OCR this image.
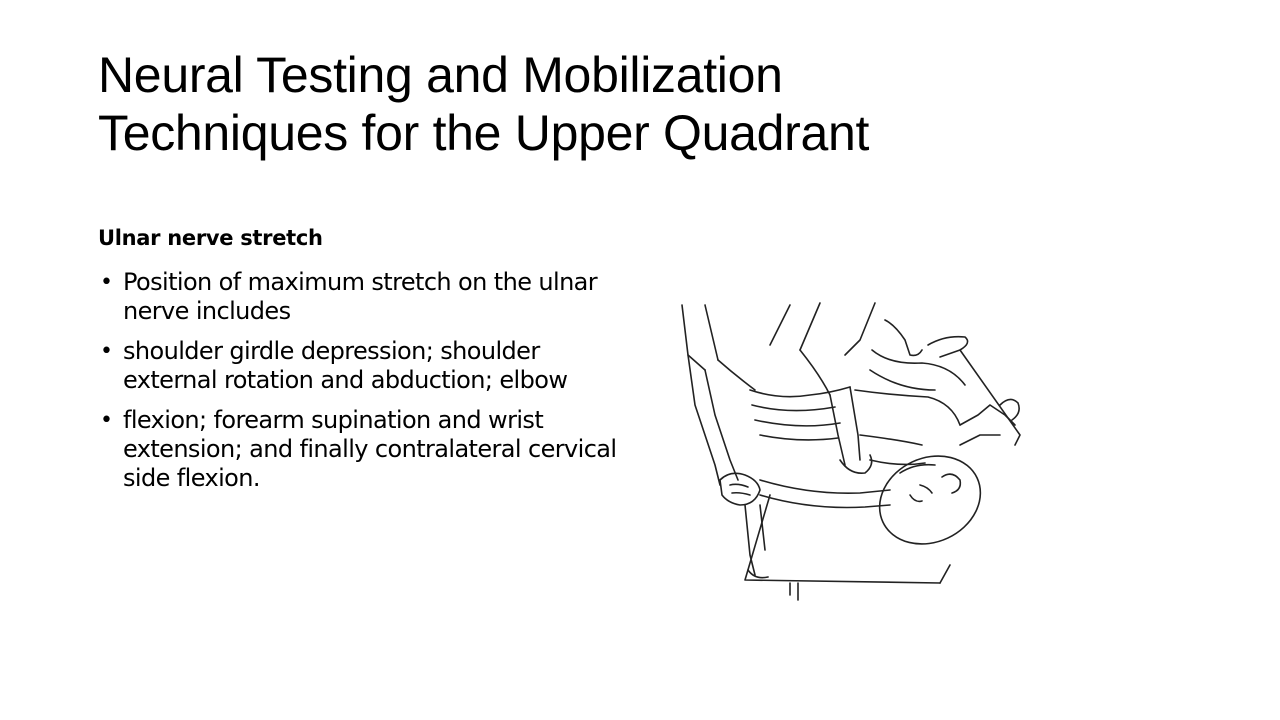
Neural Testing and Mobilization
Techniques for the Upper Quadrant
Ulnar nerve stretch
• Position of maximum stretch on the ulnar nerve includes
• shoulder girdle depression; shoulder external rotation and abduction; elbow
• flexion; forearm supination and wrist extension; and finally contralateral cervical side flexion.
